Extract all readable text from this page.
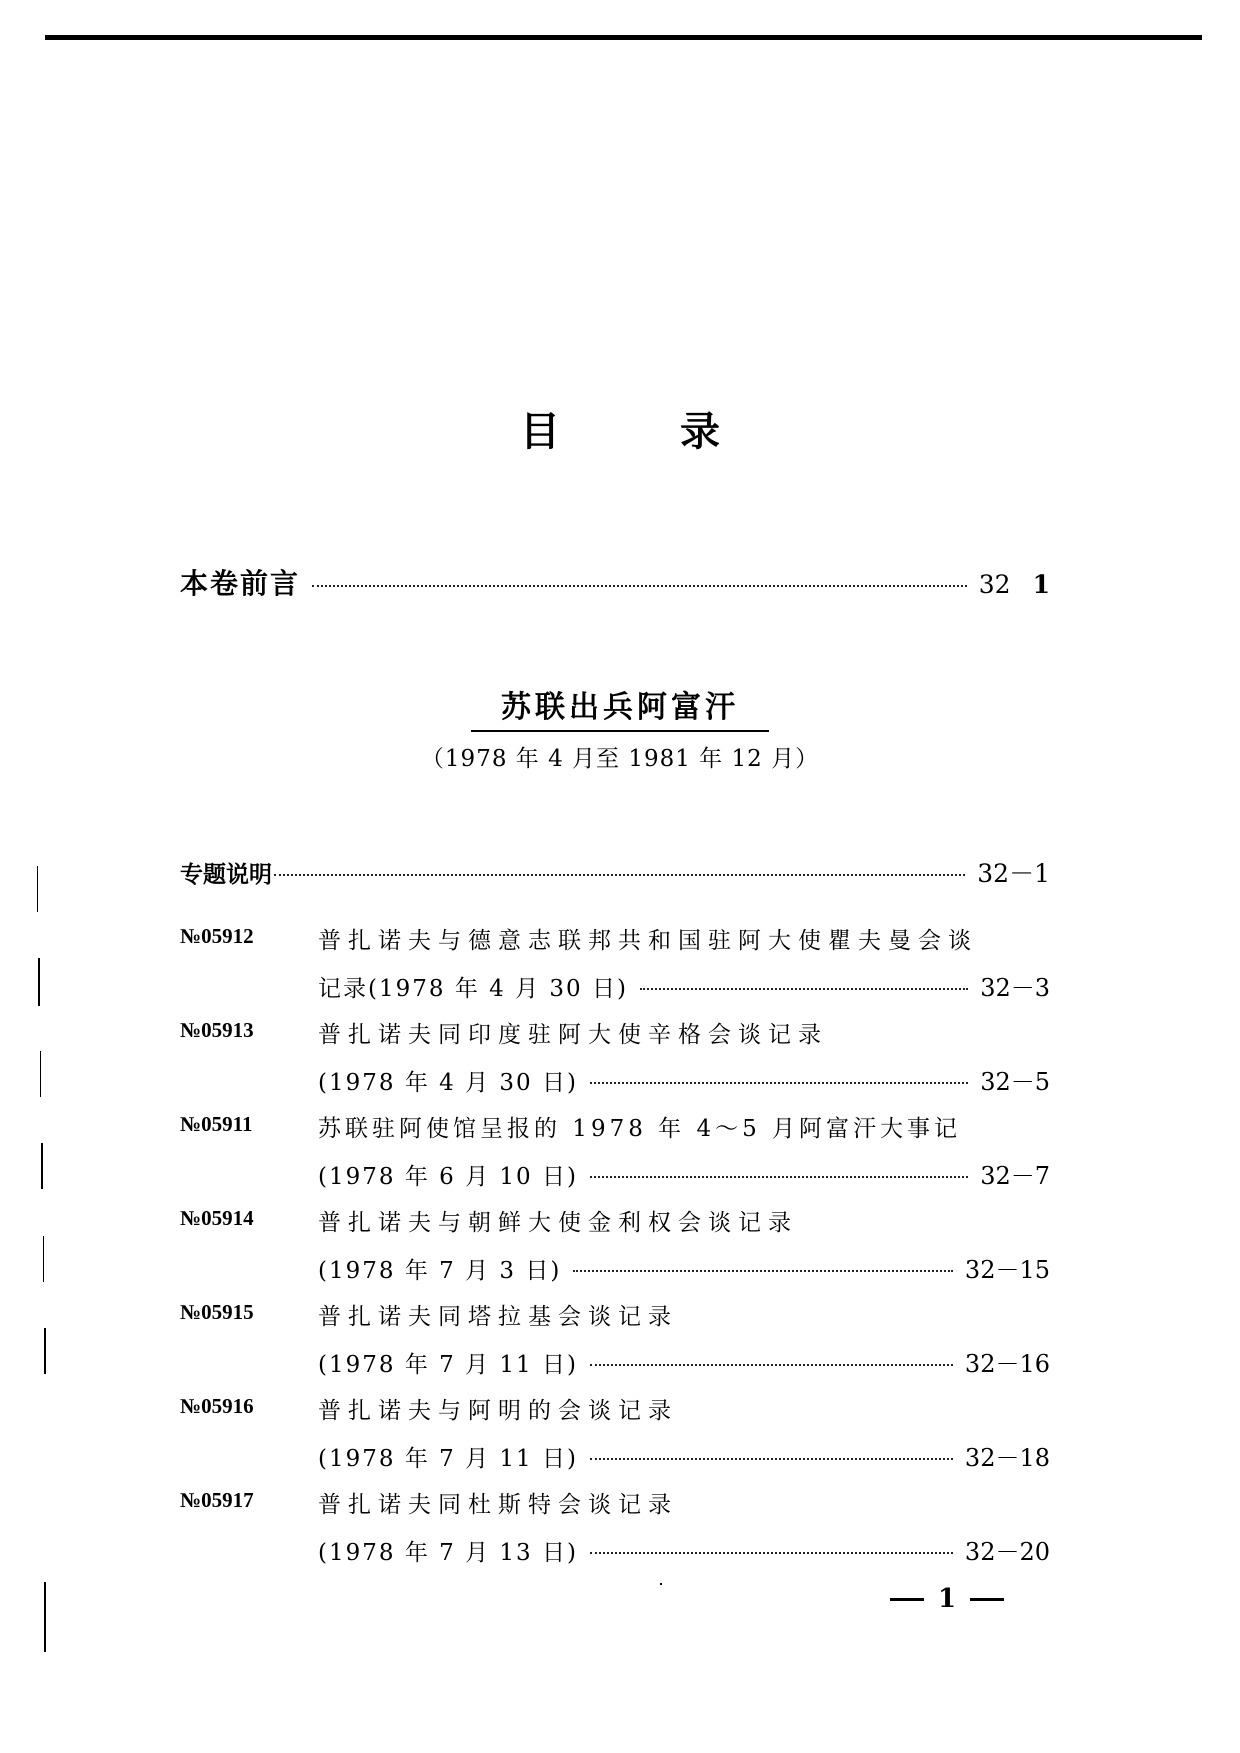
目	录
本卷前言	32 1
苏联出兵阿富汗
（1978 年 4 月至 1981 年 12 月）
专题说明	32－1
№05912	普扎诺夫与德意志联邦共和国驻阿大使瞿夫曼会谈
记录(1978 年 4 月 30 日)	32－3
№05913	普扎诺夫同印度驻阿大使辛格会谈记录
(1978 年 4 月 30 日)	32－5
№05911	苏联驻阿使馆呈报的 1978 年 4～5 月阿富汗大事记
(1978 年 6 月 10 日)	32－7
№05914	普扎诺夫与朝鲜大使金利权会谈记录
(1978 年 7 月 3 日)	32－15
№05915	普扎诺夫同塔拉基会谈记录
(1978 年 7 月 11 日)	32－16
№05916	普扎诺夫与阿明的会谈记录
(1978 年 7 月 11 日)	32－18
№05917	普扎诺夫同杜斯特会谈记录
(1978 年 7 月 13 日)	32－20
1
